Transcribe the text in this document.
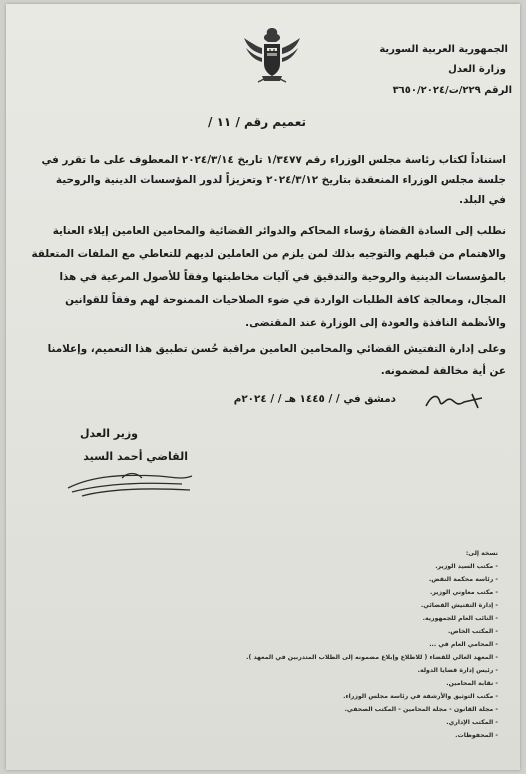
الجمهورية العربية السورية
وزارة العدل
الرقم ٢٢٩/ت/٣٦٥٠/٢٠٢٤
تعميم رقم / ١١ /
استناداً لكتاب رئاسة مجلس الوزراء رقم ١/٣٤٧٧ تاريخ ٢٠٢٤/٣/١٤ المعطوف على ما تقرر في
جلسة مجلس الوزراء المنعقدة بتاريخ ٢٠٢٤/٣/١٢ وتعزيزاً لدور المؤسسات الدينية والروحية
في البلد.
نطلب إلى السادة القضاة رؤساء المحاكم والدوائر القضائية والمحامين العامين إيلاء العناية
والاهتمام من قبلهم والتوجيه بذلك لمن يلزم من العاملين لديهم للتعاطي مع الملفات المتعلقة
بالمؤسسات الدينية والروحية والتدقيق في آليات مخاطبتها وفقاً للأصول المرعية في هذا
المجال، ومعالجة كافة الطلبات الواردة في ضوء الصلاحيات الممنوحة لهم وفقاً للقوانين
والأنظمة النافذة والعودة إلى الوزارة عند المقتضى.
وعلى إدارة التفتيش القضائي والمحامين العامين مراقبة حُسن تطبيق هذا التعميم، وإعلامنا
عن أية مخالفة لمضمونه.
دمشق في / / ١٤٤٥ هـ / / ٢٠٢٤م
وزير العدل
القاضي أحمد السيد
نسخة إلى:
- مكتب السيد الوزير.
- رئاسة محكمة النقض.
- مكتب معاوني الوزير.
- إدارة التفتيش القضائي.
- النائب العام للجمهورية.
- المكتب الخاص.
- المحامي العام في ...
- المعهد العالي للقضاء ( للاطلاع وإبلاغ مضمونه إلى الطلاب المتدربين في المعهد ).
- رئيس إدارة قضايا الدولة.
- نقابة المحامين.
- مكتب التوثيق والأرشفة في رئاسة مجلس الوزراء.
- مجلة القانون - مجلة المحامين - المكتب الصحفي.
- المكتب الإداري.
- المحفوظات.
